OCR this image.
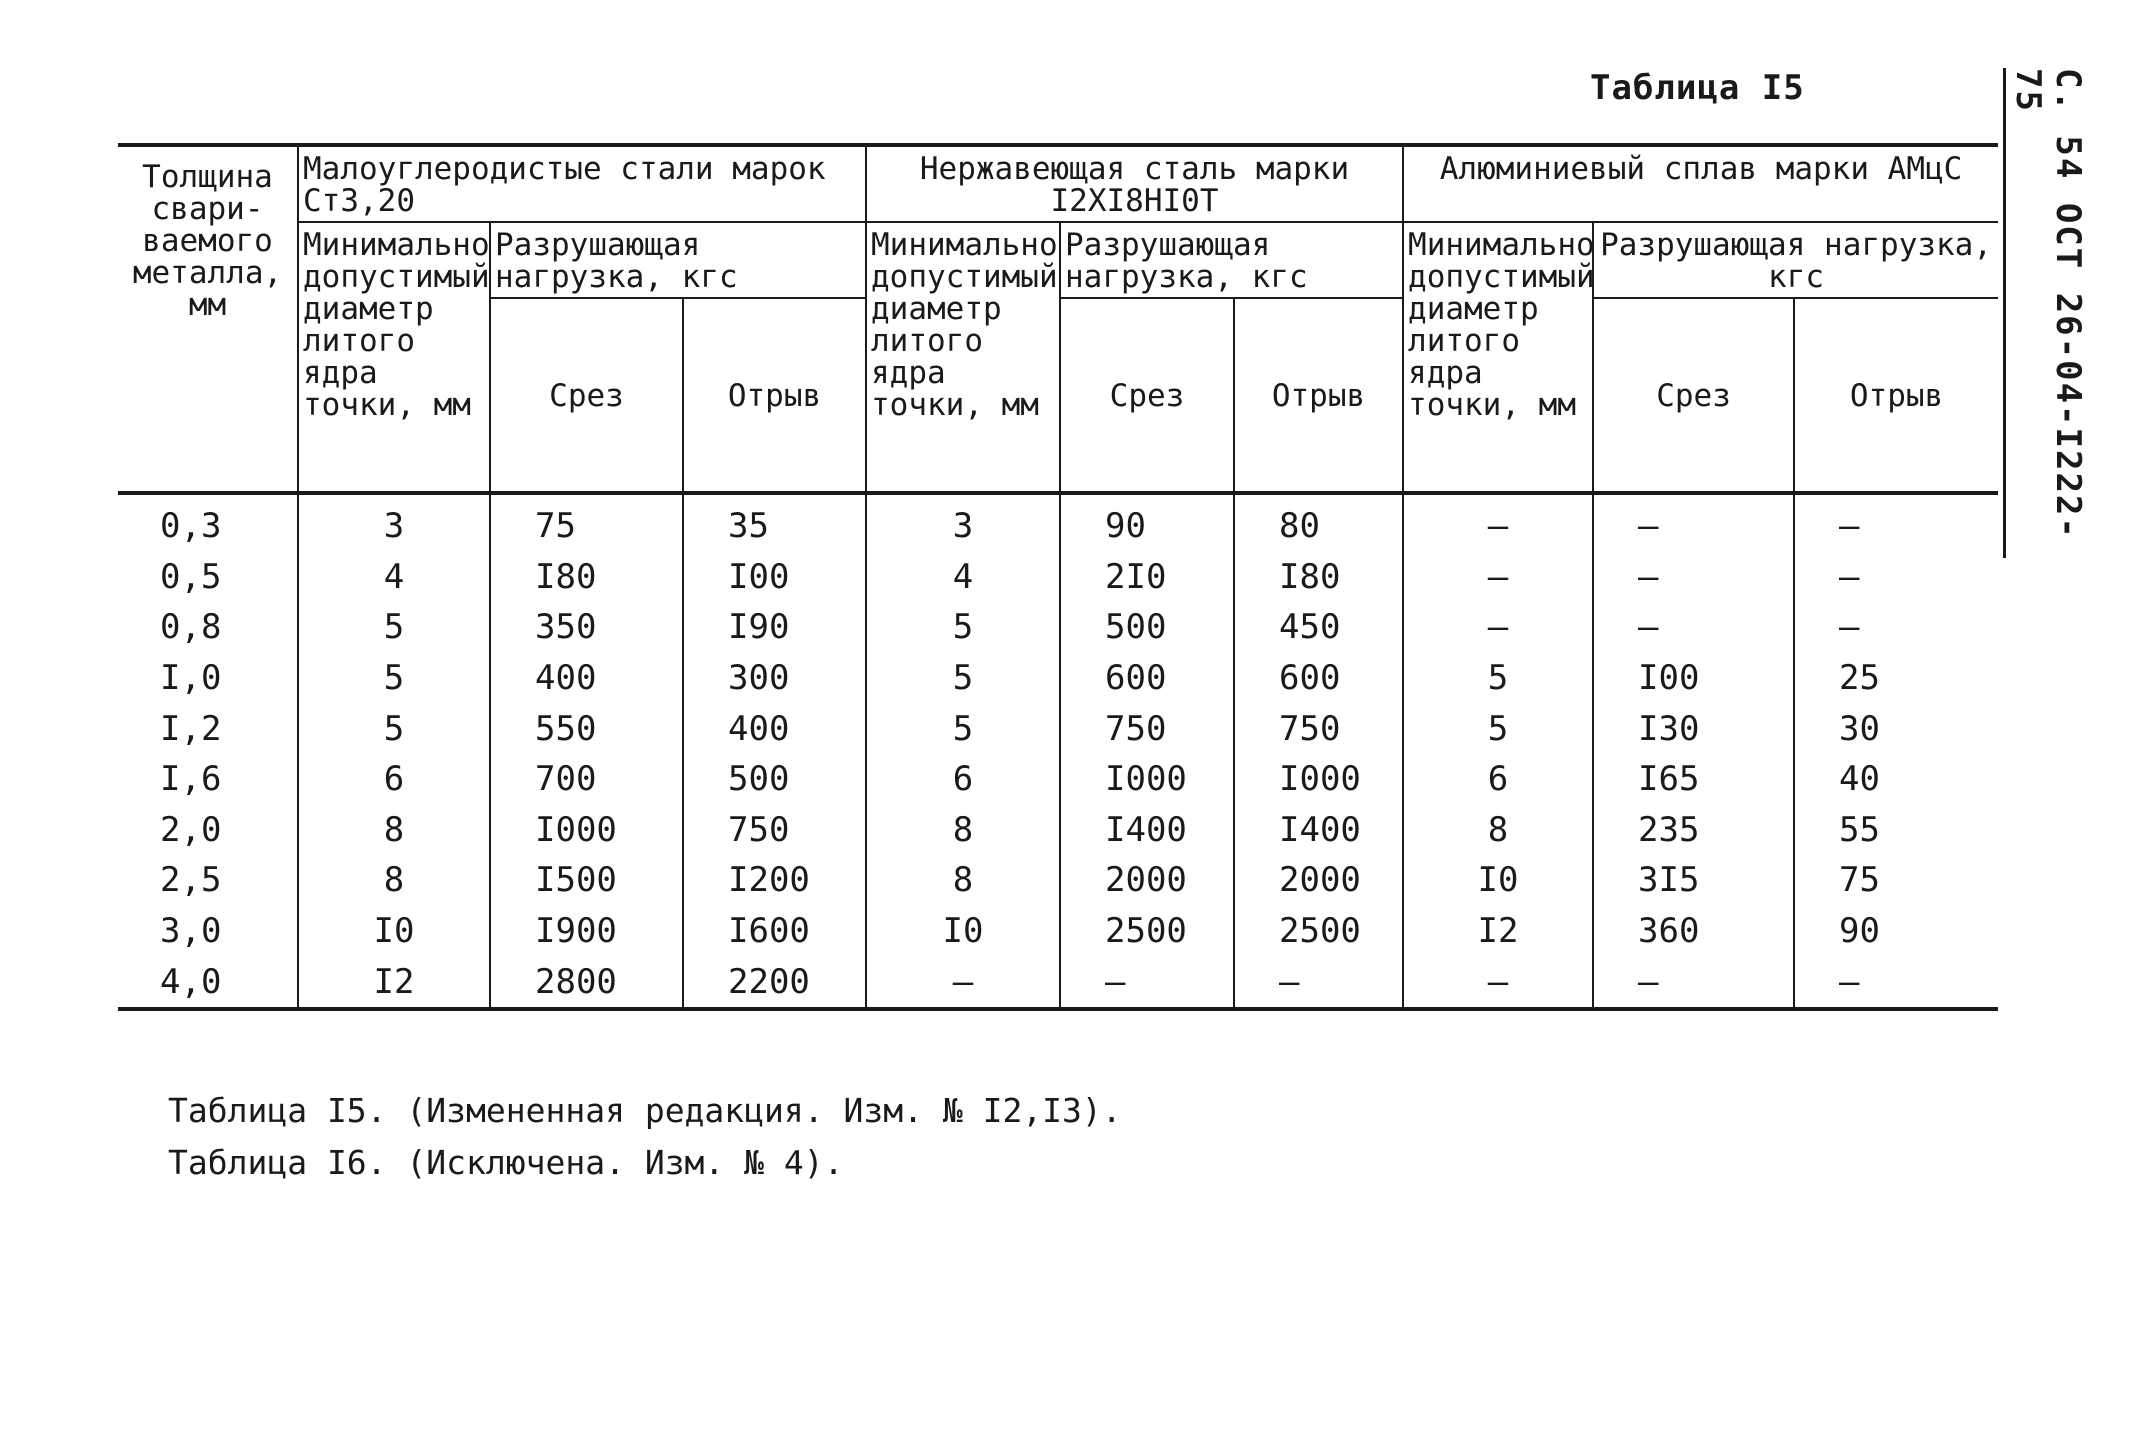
Таблица I5	С. 54 ОСТ 26-04-I222-75
Толщина свари-ваемого металла, мм	Малоуглеродистые стали марок Ст3,20			Нержавеющая сталь марки I2XI8HI0T			Алюминиевый сплав марки АМцС		
	Минимально допустимый диаметр литого ядра точки, мм	Разрушающая нагрузка, кгс		Минимально допустимый диаметр литого ядра точки, мм	Разрушающая нагрузка, кгс		Минимально допустимый диаметр литого ядра точки, мм	Разрушающая нагрузка, кгс	
		Срез	Отрыв		Срез	Отрыв		Срез	Отрыв
0,3	3	75	35	3	90	80	–	–	–
0,5	4	I80	I00	4	2I0	I80	–	–	–
0,8	5	350	I90	5	500	450	–	–	–
I,0	5	400	300	5	600	600	5	I00	25
I,2	5	550	400	5	750	750	5	I30	30
I,6	6	700	500	6	I000	I000	6	I65	40
2,0	8	I000	750	8	I400	I400	8	235	55
2,5	8	I500	I200	8	2000	2000	I0	3I5	75
3,0	I0	I900	I600	I0	2500	2500	I2	360	90
4,0	I2	2800	2200	–	–	–	–	–	–
Таблица I5. (Измененная редакция. Изм. № I2,I3).
Таблица I6. (Исключена. Изм. № 4).
